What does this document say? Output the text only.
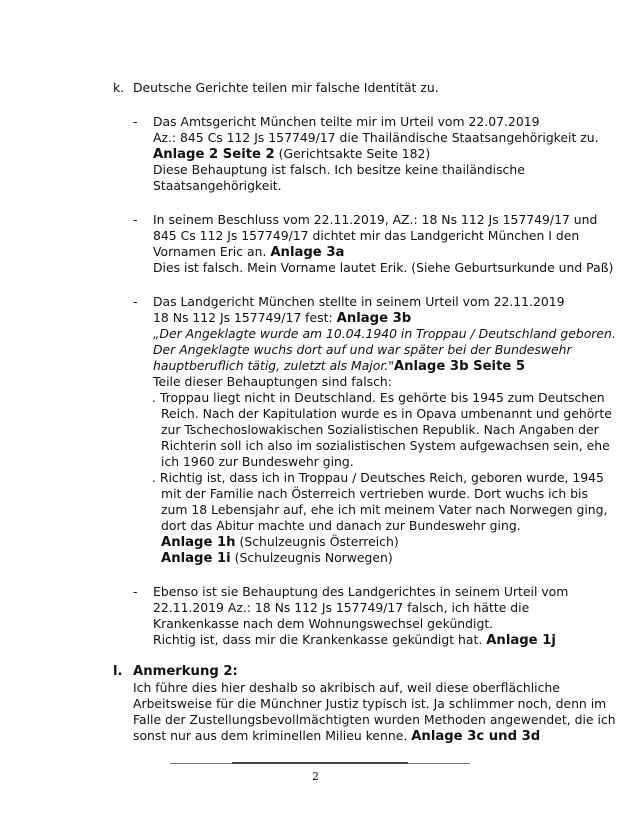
k. Deutsche Gerichte teilen mir falsche Identität zu.
- Das Amtsgericht München teilte mir im Urteil vom 22.07.2019
Az.: 845 Cs 112 Js 157749/17 die Thailändische Staatsangehörigkeit zu.
Anlage 2 Seite 2 (Gerichtsakte Seite 182)
Diese Behauptung ist falsch. Ich besitze keine thailändische
Staatsangehörigkeit.
- In seinem Beschluss vom 22.11.2019, AZ.: 18 Ns 112 Js 157749/17 und
845 Cs 112 Js 157749/17 dichtet mir das Landgericht München I den
Vornamen Eric an. Anlage 3a
Dies ist falsch. Mein Vorname lautet Erik. (Siehe Geburtsurkunde und Paß)
- Das Landgericht München stellte in seinem Urteil vom 22.11.2019
18 Ns 112 Js 157749/17 fest: Anlage 3b
„Der Angeklagte wurde am 10.04.1940 in Troppau / Deutschland geboren.
Der Angeklagte wuchs dort auf und war später bei der Bundeswehr
hauptberuflich tätig, zuletzt als Major."Anlage 3b Seite 5
Teile dieser Behauptungen sind falsch:
. Troppau liegt nicht in Deutschland. Es gehörte bis 1945 zum Deutschen
Reich. Nach der Kapitulation wurde es in Opava umbenannt und gehörte
zur Tschechoslowakischen Sozialistischen Republik. Nach Angaben der
Richterin soll ich also im sozialistischen System aufgewachsen sein, ehe
ich 1960 zur Bundeswehr ging.
. Richtig ist, dass ich in Troppau / Deutsches Reich, geboren wurde, 1945
mit der Familie nach Österreich vertrieben wurde. Dort wuchs ich bis
zum 18 Lebensjahr auf, ehe ich mit meinem Vater nach Norwegen ging,
dort das Abitur machte und danach zur Bundeswehr ging.
Anlage 1h (Schulzeugnis Österreich)
Anlage 1i (Schulzeugnis Norwegen)
- Ebenso ist sie Behauptung des Landgerichtes in seinem Urteil vom
22.11.2019 Az.: 18 Ns 112 Js 157749/17 falsch, ich hätte die
Krankenkasse nach dem Wohnungswechsel gekündigt.
Richtig ist, dass mir die Krankenkasse gekündigt hat. Anlage 1j
l. Anmerkung 2:
Ich führe dies hier deshalb so akribisch auf, weil diese oberflächliche
Arbeitsweise für die Münchner Justiz typisch ist. Ja schlimmer noch, denn im
Falle der Zustellungsbevollmächtigten wurden Methoden angewendet, die ich
sonst nur aus dem kriminellen Milieu kenne. Anlage 3c und 3d
2
